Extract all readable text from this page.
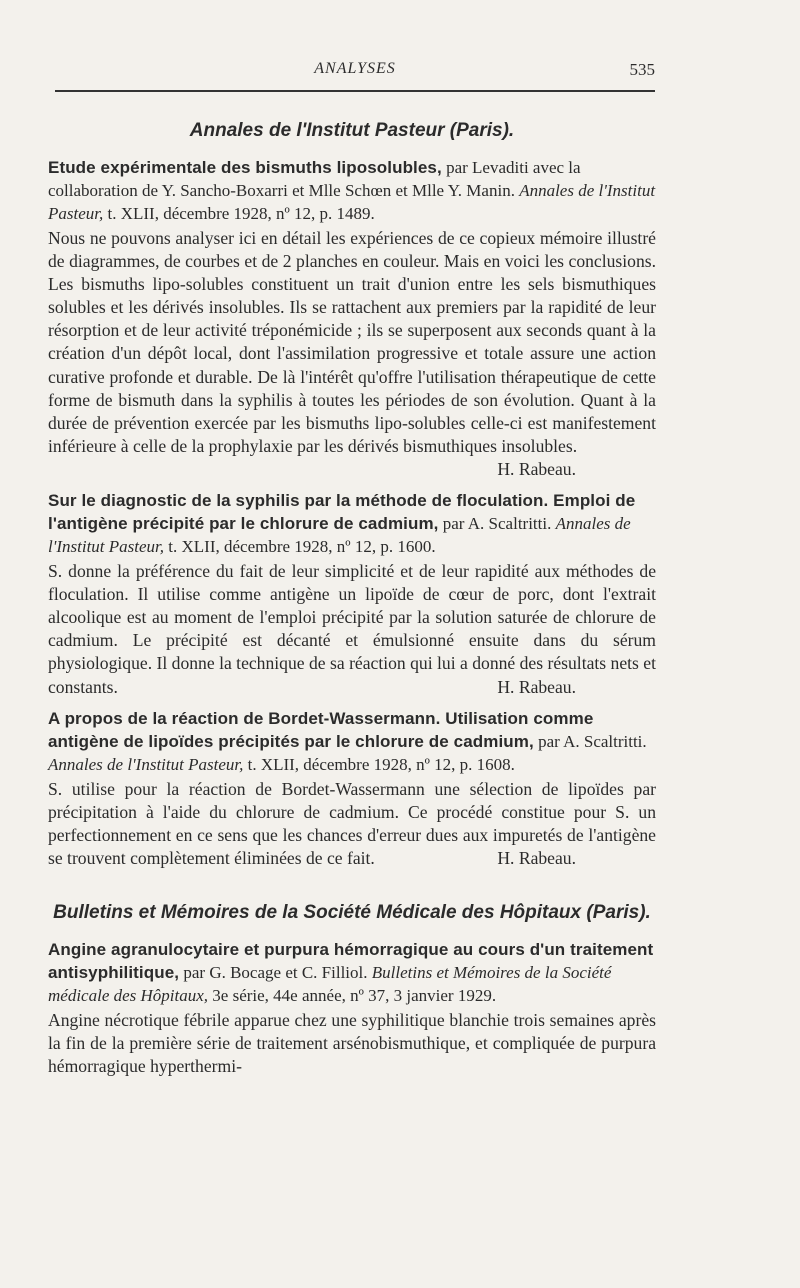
ANALYSES	535
Annales de l'Institut Pasteur (Paris).

Etude expérimentale des bismuths liposolubles, par Levaditi avec la collaboration de Y. Sancho-Boxarri et Mlle Schœn et Mlle Y. Manin. Annales de l'Institut Pasteur, t. XLII, décembre 1928, nº 12, p. 1489.

Nous ne pouvons analyser ici en détail les expériences de ce copieux mémoire illustré de diagrammes, de courbes et de 2 planches en couleur. Mais en voici les conclusions. Les bismuths lipo-solubles constituent un trait d'union entre les sels bismuthiques solubles et les dérivés insolubles. Ils se rattachent aux premiers par la rapidité de leur résorption et de leur activité tréponémicide ; ils se superposent aux seconds quant à la création d'un dépôt local, dont l'assimilation progressive et totale assure une action curative profonde et durable. De là l'intérêt qu'offre l'utilisation thérapeutique de cette forme de bismuth dans la syphilis à toutes les périodes de son évolution. Quant à la durée de prévention exercée par les bismuths lipo-solubles celle-ci est manifestement inférieure à celle de la prophylaxie par les dérivés bismuthiques insolubles.
H. Rabeau.

Sur le diagnostic de la syphilis par la méthode de floculation. Emploi de l'antigène précipité par le chlorure de cadmium, par A. Scaltritti. Annales de l'Institut Pasteur, t. XLII, décembre 1928, nº 12, p. 1600.

S. donne la préférence du fait de leur simplicité et de leur rapidité aux méthodes de floculation. Il utilise comme antigène un lipoïde de cœur de porc, dont l'extrait alcoolique est au moment de l'emploi précipité par la solution saturée de chlorure de cadmium. Le précipité est décanté et émulsionné ensuite dans du sérum physiologique. Il donne la technique de sa réaction qui lui a donné des résultats nets et constants.	H. Rabeau.

A propos de la réaction de Bordet-Wassermann. Utilisation comme antigène de lipoïdes précipités par le chlorure de cadmium, par A. Scaltritti. Annales de l'Institut Pasteur, t. XLII, décembre 1928, nº 12, p. 1608.

S. utilise pour la réaction de Bordet-Wassermann une sélection de lipoïdes par précipitation à l'aide du chlorure de cadmium. Ce procédé constitue pour S. un perfectionnement en ce sens que les chances d'erreur dues aux impuretés de l'antigène se trouvent complètement éliminées de ce fait.	H. Rabeau.

Bulletins et Mémoires de la Société Médicale des Hôpitaux (Paris).

Angine agranulocytaire et purpura hémorragique au cours d'un traitement antisyphilitique, par G. Bocage et C. Filliol. Bulletins et Mémoires de la Société médicale des Hôpitaux, 3e série, 44e année, nº 37, 3 janvier 1929.

Angine nécrotique fébrile apparue chez une syphilitique blanchie trois semaines après la fin de la première série de traitement arsénobismuthique, et compliquée de purpura hémorragique hyperthermi-
